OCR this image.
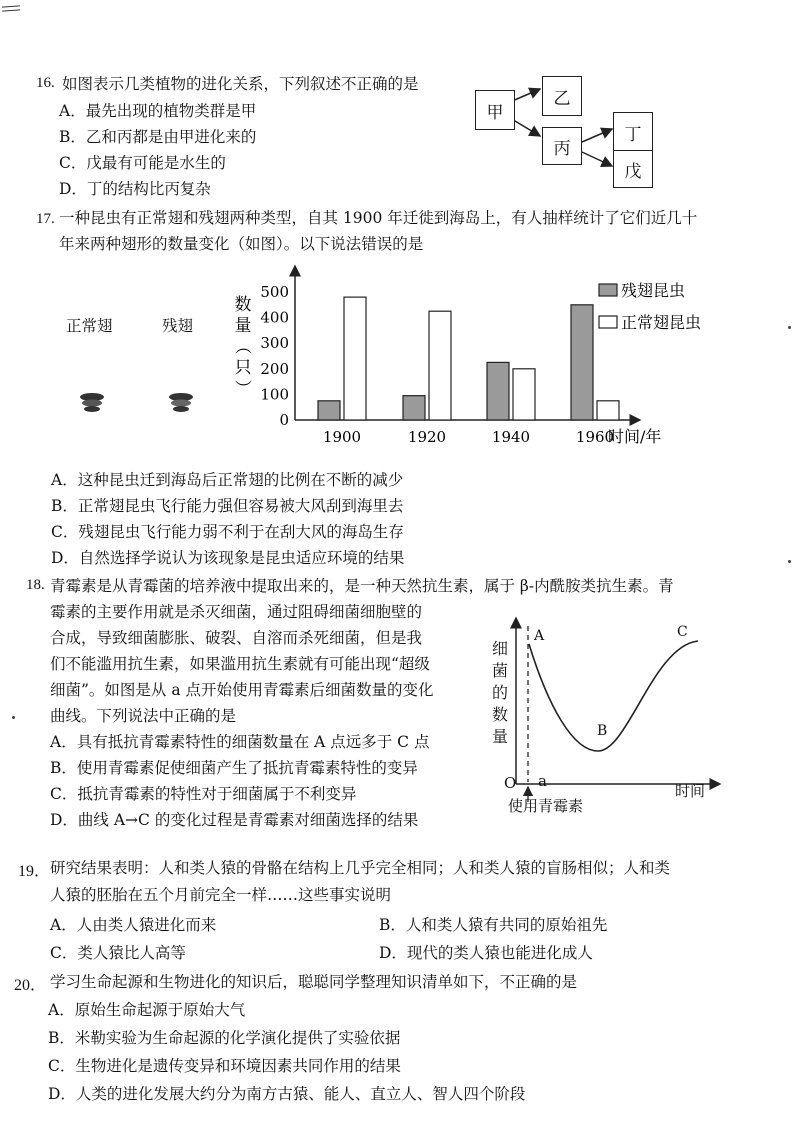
16. 如图表示几类植物的进化关系，下列叙述不正确的是
A．最先出现的植物类群是甲
B．乙和丙都是由甲进化来的
C．戊最有可能是水生的
D．丁的结构比丙复杂
甲
乙
丙
丁
戊
17. 一种昆虫有正常翅和残翅两种类型，自其 1900 年迁徙到海岛上，有人抽样统计了它们近几十
年来两种翅形的数量变化（如图）。以下说法错误的是
正常翅	残翅
0
100
200
300
400
500
数
量
（
只
）
1900	1920	1940	1960
时间/年
残翅昆虫
正常翅昆虫
A．这种昆虫迁到海岛后正常翅的比例在不断的减少
B．正常翅昆虫飞行能力强但容易被大风刮到海里去
C．残翅昆虫飞行能力弱不利于在刮大风的海岛生存
D．自然选择学说认为该现象是昆虫适应环境的结果
18. 青霉素是从青霉菌的培养液中提取出来的，是一种天然抗生素，属于 β-内酰胺类抗生素。青
霉素的主要作用就是杀灭细菌，通过阻碍细菌细胞壁的
合成，导致细菌膨胀、破裂、自溶而杀死细菌，但是我
们不能滥用抗生素，如果滥用抗生素就有可能出现“超级
细菌”。如图是从 a 点开始使用青霉素后细菌数量的变化
曲线。下列说法中正确的是
A．具有抵抗青霉素特性的细菌数量在 A 点远多于 C 点
B．使用青霉素促使细菌产生了抵抗青霉素特性的变异
C．抵抗青霉素的特性对于细菌属于不利变异
D．曲线 A→C 的变化过程是青霉素对细菌选择的结果
细菌的数量
A
B
C
O a
时间
使用青霉素
19． 研究结果表明：人和类人猿的骨骼在结构上几乎完全相同；人和类人猿的盲肠相似；人和类
人猿的胚胎在五个月前完全一样……这些事实说明
A．人由类人猿进化而来	B．人和类人猿有共同的原始祖先
C．类人猿比人高等	D．现代的类人猿也能进化成人
20． 学习生命起源和生物进化的知识后，聪聪同学整理知识清单如下，不正确的是
A．原始生命起源于原始大气
B．米勒实验为生命起源的化学演化提供了实验依据
C．生物进化是遗传变异和环境因素共同作用的结果
D．人类的进化发展大约分为南方古猿、能人、直立人、智人四个阶段
